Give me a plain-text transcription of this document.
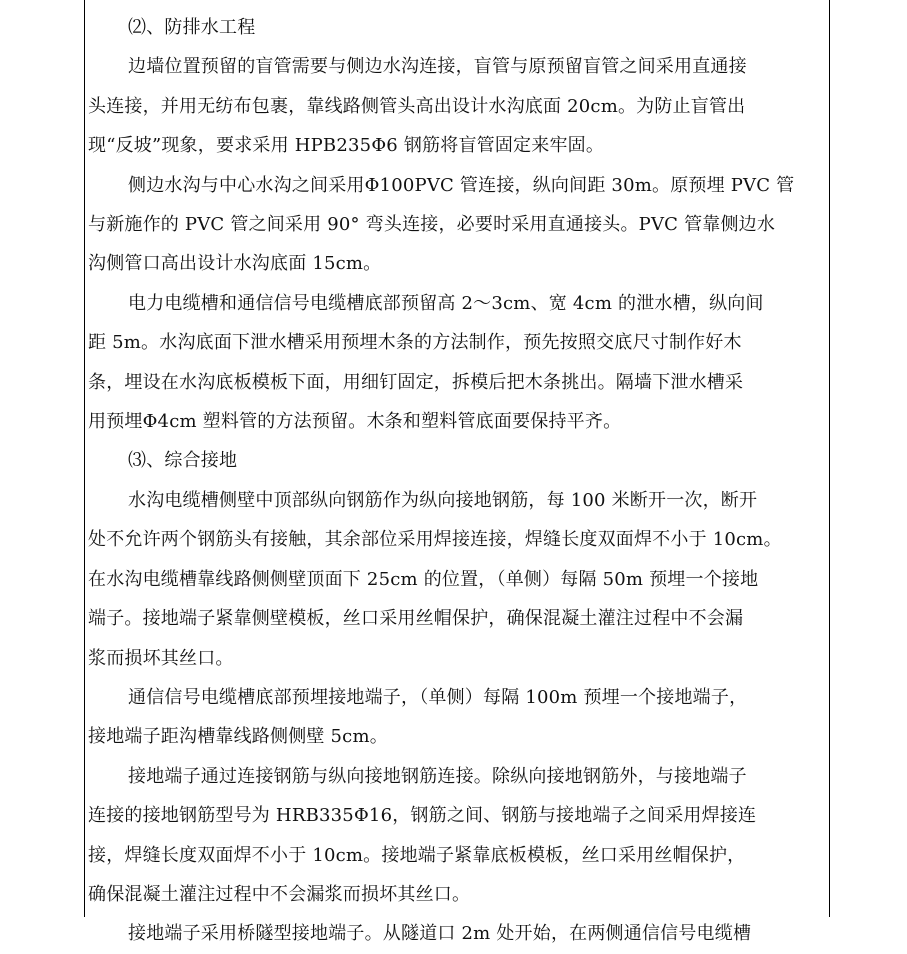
⑵、防排水工程
边墙位置预留的盲管需要与侧边水沟连接，盲管与原预留盲管之间采用直通接
头连接，并用无纺布包裹，靠线路侧管头高出设计水沟底面 20cm。为防止盲管出
现“反坡”现象，要求采用 HPB235Φ6 钢筋将盲管固定来牢固。
侧边水沟与中心水沟之间采用Φ100PVC 管连接，纵向间距 30m。原预埋 PVC 管
与新施作的 PVC 管之间采用 90° 弯头连接，必要时采用直通接头。PVC 管靠侧边水
沟侧管口高出设计水沟底面 15cm。
电力电缆槽和通信信号电缆槽底部预留高 2～3cm、宽 4cm 的泄水槽，纵向间
距 5m。水沟底面下泄水槽采用预埋木条的方法制作，预先按照交底尺寸制作好木
条，埋设在水沟底板模板下面，用细钉固定，拆模后把木条挑出。隔墙下泄水槽采
用预埋Φ4cm 塑料管的方法预留。木条和塑料管底面要保持平齐。
⑶、综合接地
水沟电缆槽侧壁中顶部纵向钢筋作为纵向接地钢筋，每 100 米断开一次，断开
处不允许两个钢筋头有接触，其余部位采用焊接连接，焊缝长度双面焊不小于 10cm。
在水沟电缆槽靠线路侧侧壁顶面下 25cm 的位置，（单侧）每隔 50m 预埋一个接地
端子。接地端子紧靠侧壁模板，丝口采用丝帽保护，确保混凝土灌注过程中不会漏
浆而损坏其丝口。
通信信号电缆槽底部预埋接地端子，（单侧）每隔 100m 预埋一个接地端子，
接地端子距沟槽靠线路侧侧壁 5cm。
接地端子通过连接钢筋与纵向接地钢筋连接。除纵向接地钢筋外，与接地端子
连接的接地钢筋型号为 HRB335Φ16，钢筋之间、钢筋与接地端子之间采用焊接连
接，焊缝长度双面焊不小于 10cm。接地端子紧靠底板模板，丝口采用丝帽保护，
确保混凝土灌注过程中不会漏浆而损坏其丝口。
接地端子采用桥隧型接地端子。从隧道口 2m 处开始，在两侧通信信号电缆槽
